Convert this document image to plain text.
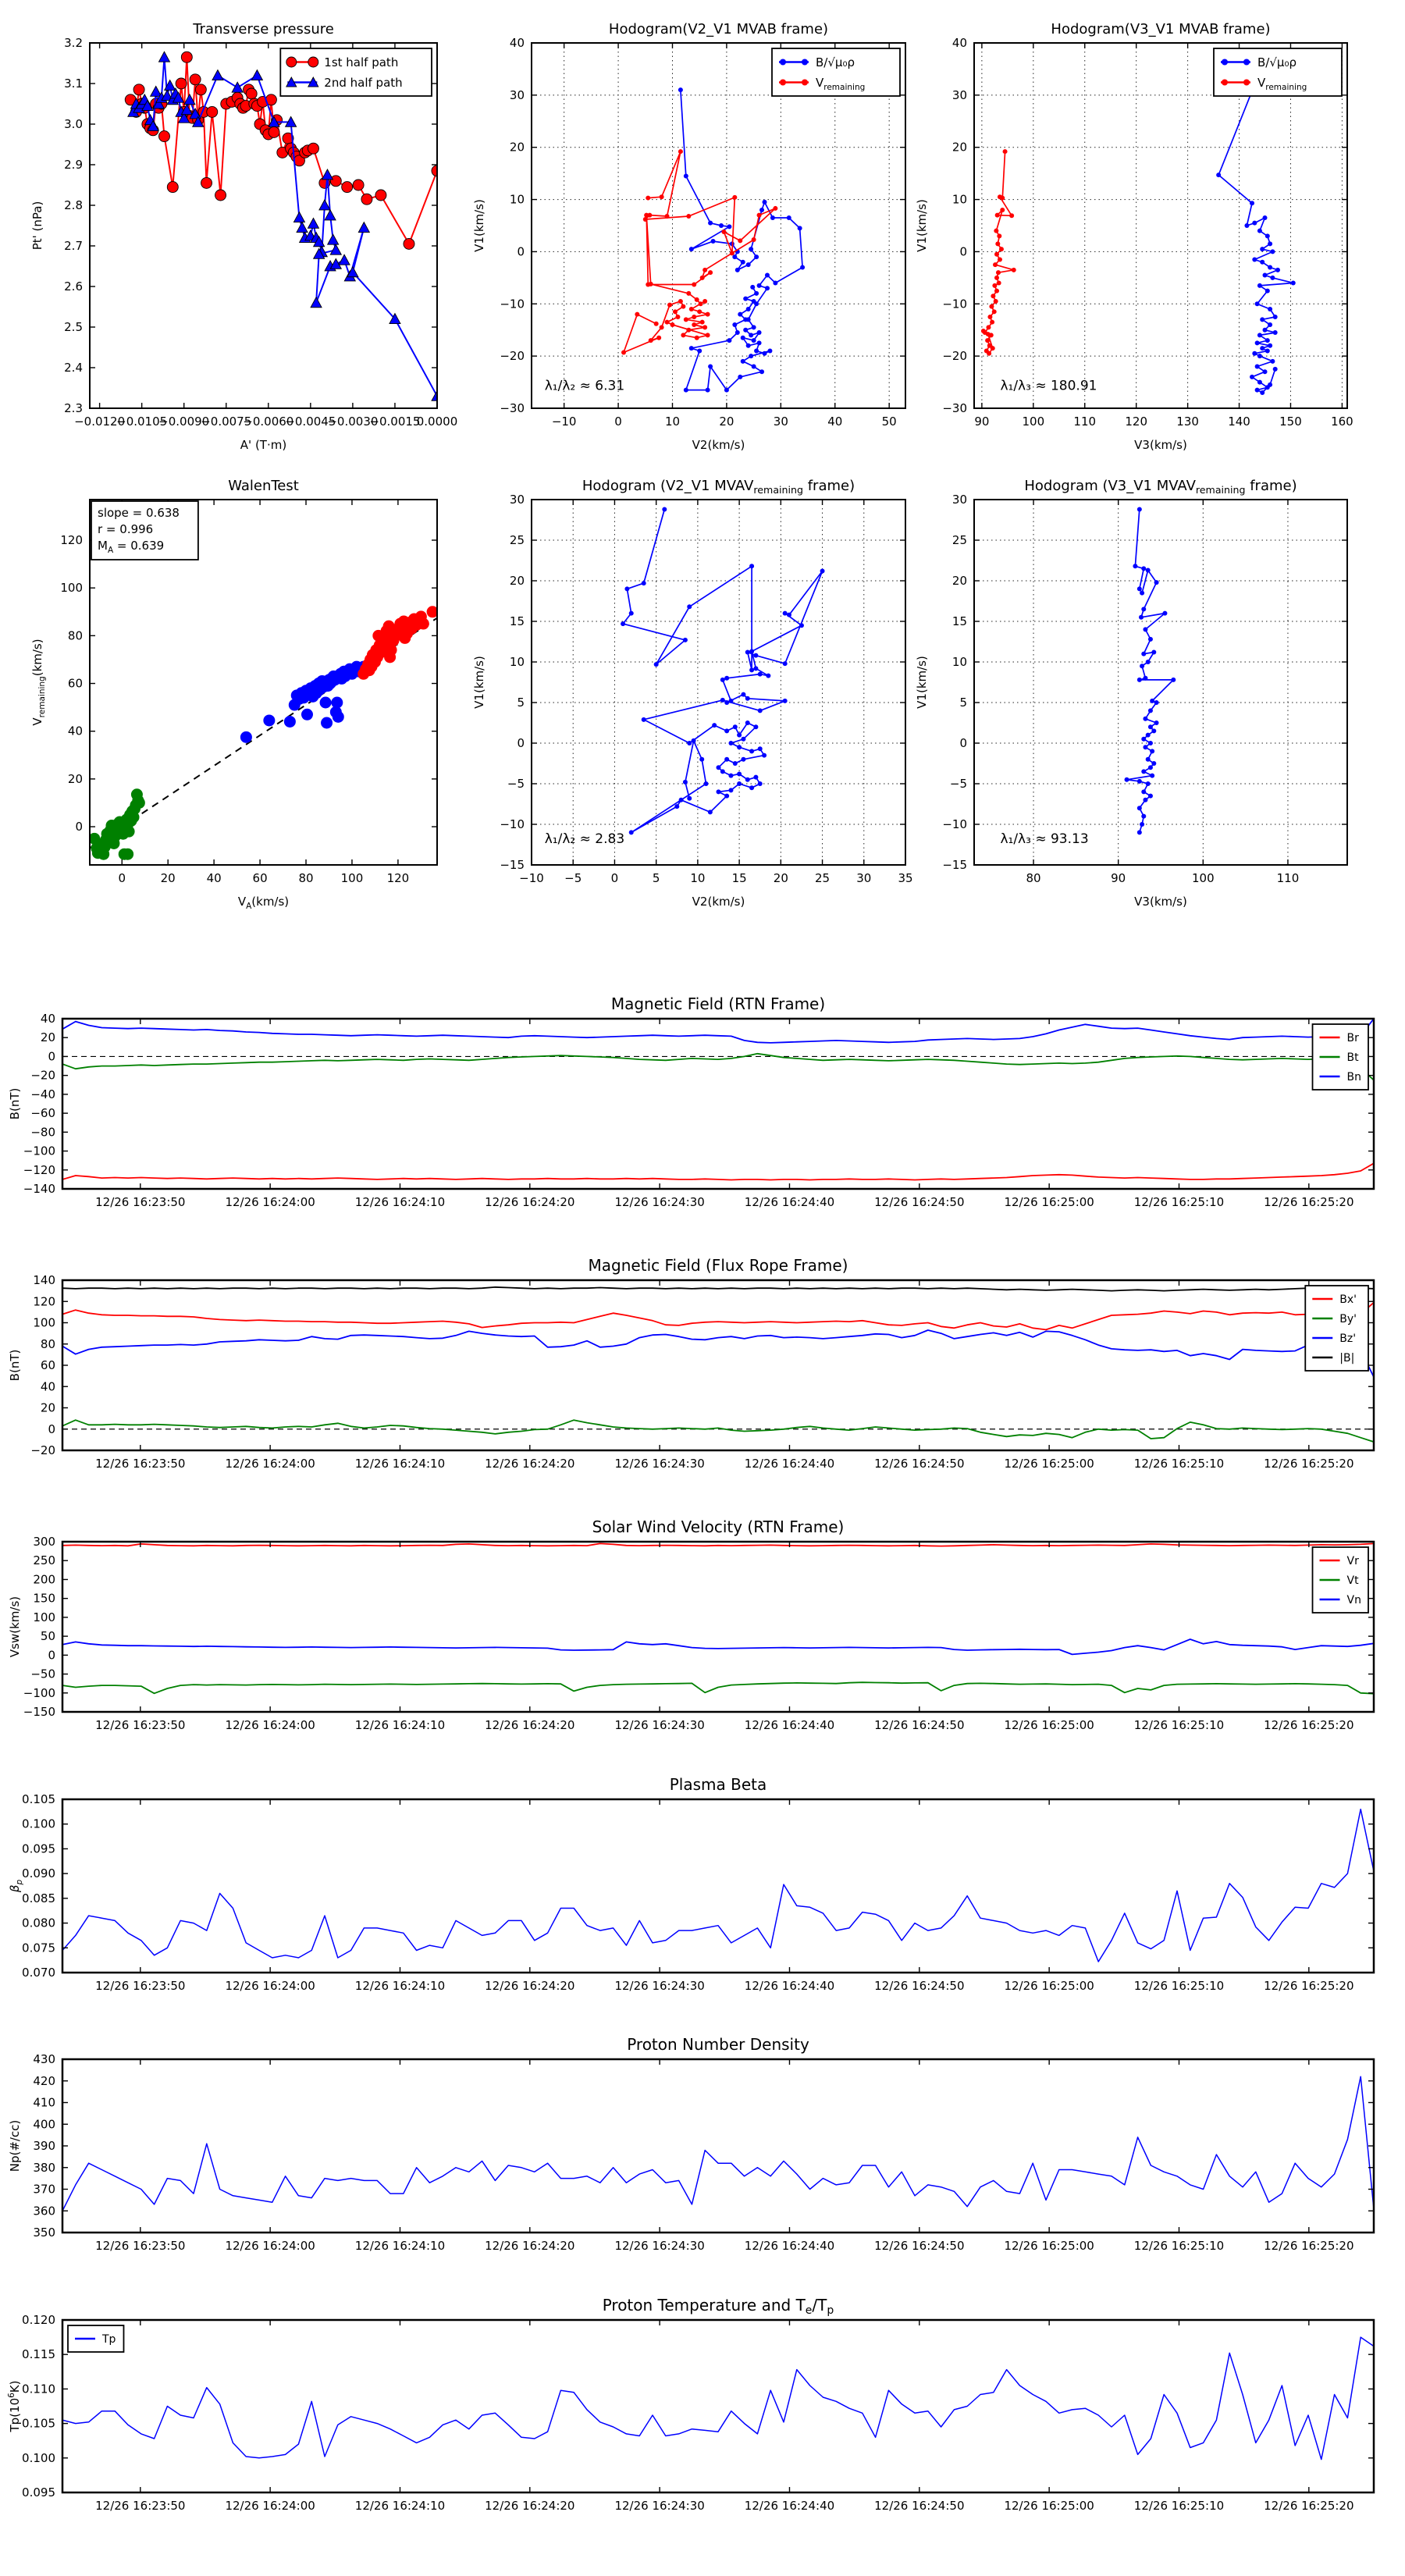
−0.0120
−0.0105
−0.0090
−0.0075
−0.0060
−0.0045
−0.0030
−0.0015
0.0000
2.3
2.4
2.5
2.6
2.7
2.8
2.9
3.0
3.1
3.2
Transverse pressure
A' (T·m)
Pt' (nPa)
1st half path
2nd half path
−10	0	10	20	30	40	50
−30
−20
−10
0
10
20
30
40
Hodogram(V2_V1 MVAB frame)
V2(km/s)
V1(km/s)
λ₁/λ₂ ≈ 6.31
B/√μ₀ρ
$V_{remaining}$
90	100 110 120 130 140 150 160
−30
−20
−10
0
10
20
30
40
Hodogram(V3_V1 MVAB frame)
V3(km/s)
V1(km/s)
λ₁/λ₃ ≈ 180.91
B/√μ₀ρ
$V_{remaining}$
0	20	40	60	80 100 120
0
20
40
60
80
100
120
WalenTest
$V_A(km/s)$
$V_{remaining}(km/s)$
slope = 0.638
r = 0.996
$M_A = 0.639$
−10 −5 0	5	10 15 20 25 30 35
−15
−10
−5
0
5
10
15
20
25
30
Hodogram (V2_V1 $MVAV_{remaining}$ frame)
V2(km/s)
V1(km/s)
λ₁/λ₂ ≈ 2.83
80	90	100	110
−15
−10
−5
0
5
10
15
20
25
30
Hodogram (V3_V1 $MVAV_{remaining}$ frame)
V3(km/s)
V1(km/s)
λ₁/λ₃ ≈ 93.13
12/26 16:23:50	12/26 16:24:00	12/26 16:24:10	12/26 16:24:20	12/26 16:24:30	12/26 16:24:40	12/26 16:24:50	12/26 16:25:00	12/26 16:25:10	12/26 16:25:20
−140
−120
−100
−80
−60
−40
−20
0
20
40
Magnetic Field (RTN Frame)
B(nT)
Br
Bt
Bn
12/26 16:23:50	12/26 16:24:00	12/26 16:24:10	12/26 16:24:20	12/26 16:24:30	12/26 16:24:40	12/26 16:24:50	12/26 16:25:00	12/26 16:25:10	12/26 16:25:20
−20
0
20
40
60
80
100
120
140
Magnetic Field (Flux Rope Frame)
B(nT)
Bx'
By'
Bz'
|B|
12/26 16:23:50	12/26 16:24:00	12/26 16:24:10	12/26 16:24:20	12/26 16:24:30	12/26 16:24:40	12/26 16:24:50	12/26 16:25:00	12/26 16:25:10	12/26 16:25:20
−150
−100
−50
0
50
100
150
200
250
300
Solar Wind Velocity (RTN Frame)
Vsw(km/s)
Vr
Vt
Vn
12/26 16:23:50	12/26 16:24:00	12/26 16:24:10	12/26 16:24:20	12/26 16:24:30	12/26 16:24:40	12/26 16:24:50	12/26 16:25:00	12/26 16:25:10	12/26 16:25:20
0.070
0.075
0.080
0.085
0.090
0.095
0.100
0.105
Plasma Beta
$\beta_p$
12/26 16:23:50	12/26 16:24:00	12/26 16:24:10	12/26 16:24:20	12/26 16:24:30	12/26 16:24:40	12/26 16:24:50	12/26 16:25:00	12/26 16:25:10	12/26 16:25:20
350
360
370
380
390
400
410
420
430
Proton Number Density
Np(#/cc)
12/26 16:23:50	12/26 16:24:00	12/26 16:24:10	12/26 16:24:20	12/26 16:24:30	12/26 16:24:40	12/26 16:24:50	12/26 16:25:00	12/26 16:25:10	12/26 16:25:20
0.095
0.100
0.105
0.110
0.115
0.120
Proton Temperature and $T_e/T_p$
$Tp(10^6K)$
Tp
